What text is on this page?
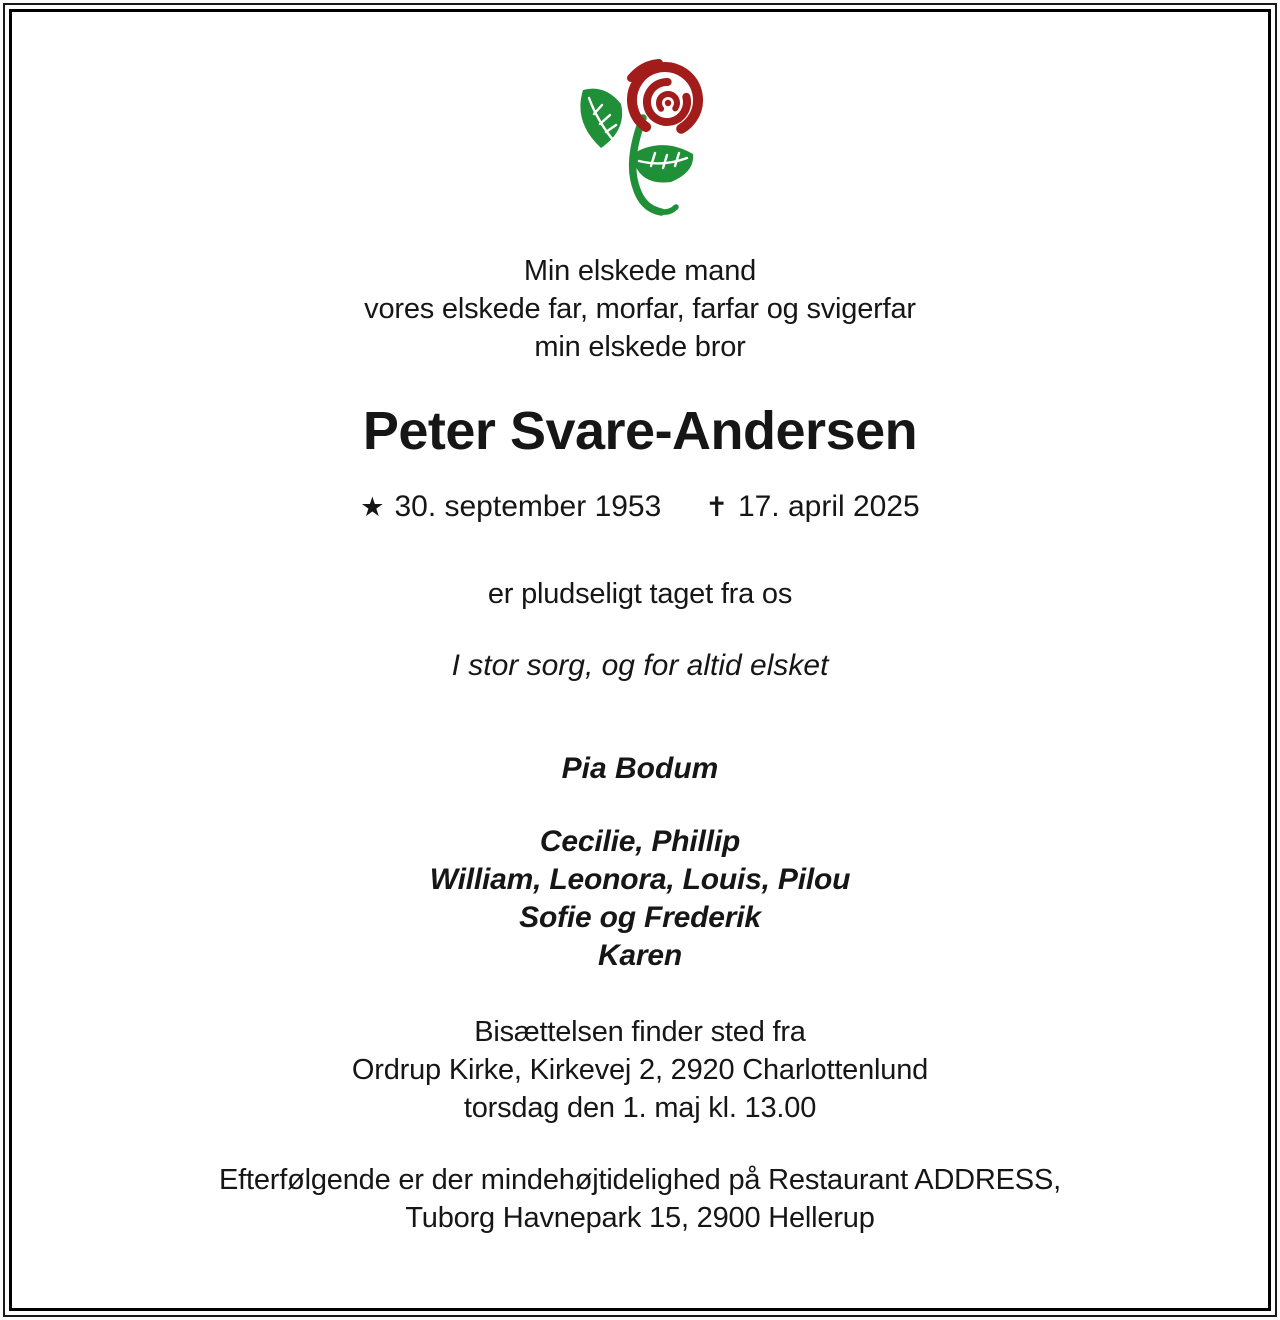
Min elskede mand
vores elskede far, morfar, farfar og svigerfar
min elskede bror
Peter Svare-Andersen
★ 30. september 1953 ✝ 17. april 2025
er pludseligt taget fra os
I stor sorg, og for altid elsket
Pia Bodum
Cecilie, Phillip
William, Leonora, Louis, Pilou
Sofie og Frederik
Karen
Bisættelsen finder sted fra
Ordrup Kirke, Kirkevej 2, 2920 Charlottenlund
torsdag den 1. maj kl. 13.00
Efterfølgende er der mindehøjtidelighed på Restaurant ADDRESS,
Tuborg Havnepark 15, 2900 Hellerup
